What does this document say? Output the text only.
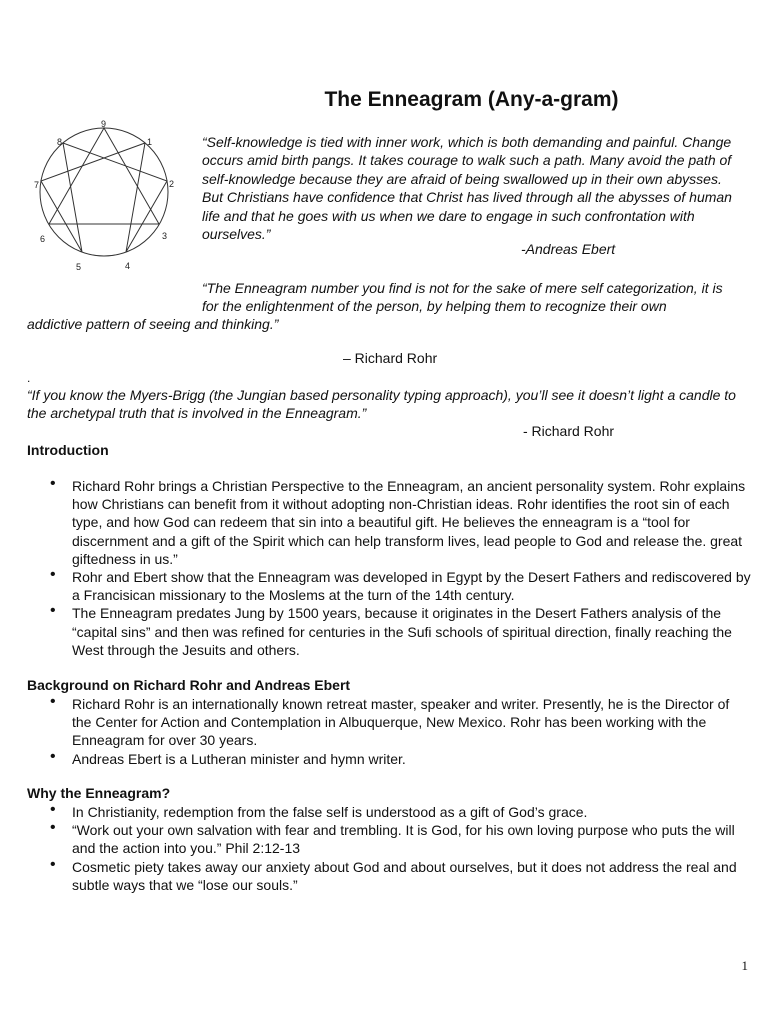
The Enneagram (Any-a-gram)
9
1
2
3
4
5
6
7
8	“Self-knowledge is tied with inner work, which is both demanding and painful. Change occurs amid birth pangs. It takes courage to walk such a path. Many avoid the path of self-knowledge because they are afraid of being swallowed up in their own abysses. But Christians have confidence that Christ has lived through all the abysses of human life and that he goes with us when we dare to engage in such confrontation with ourselves.”
-Andreas Ebert
“The Enneagram number you find is not for the sake of mere self categorization, it is for the enlightenment of the person, by helping them to recognize their own
addictive pattern of seeing and thinking.”
– Richard Rohr
.
“If you know the Myers-Brigg (the Jungian based personality typing approach), you’ll see it doesn’t light a candle to the archetypal truth that is involved in the Enneagram.”
- Richard Rohr
Introduction
• Richard Rohr brings a Christian Perspective to the Enneagram, an ancient personality system. Rohr explains how Christians can benefit from it without adopting non-Christian ideas. Rohr identifies the root sin of each type, and how God can redeem that sin into a beautiful gift. He believes the enneagram is a “tool for discernment and a gift of the Spirit which can help transform lives, lead people to God and release the. great giftedness in us.”
• Rohr and Ebert show that the Enneagram was developed in Egypt by the Desert Fathers and rediscovered by a Francisican missionary to the Moslems at the turn of the 14th century.
• The Enneagram predates Jung by 1500 years, because it originates in the Desert Fathers analysis of the “capital sins” and then was refined for centuries in the Sufi schools of spiritual direction, finally reaching the West through the Jesuits and others.
Background on Richard Rohr and Andreas Ebert
• Richard Rohr is an internationally known retreat master, speaker and writer. Presently, he is the Director of the Center for Action and Contemplation in Albuquerque, New Mexico. Rohr has been working with the Enneagram for over 30 years.
• Andreas Ebert is a Lutheran minister and hymn writer.
Why the Enneagram?
• In Christianity, redemption from the false self is understood as a gift of God’s grace.
• “Work out your own salvation with fear and trembling. It is God, for his own loving purpose who puts the will and the action into you.” Phil 2:12-13
• Cosmetic piety takes away our anxiety about God and about ourselves, but it does not address the real and subtle ways that we “lose our souls.”
1
